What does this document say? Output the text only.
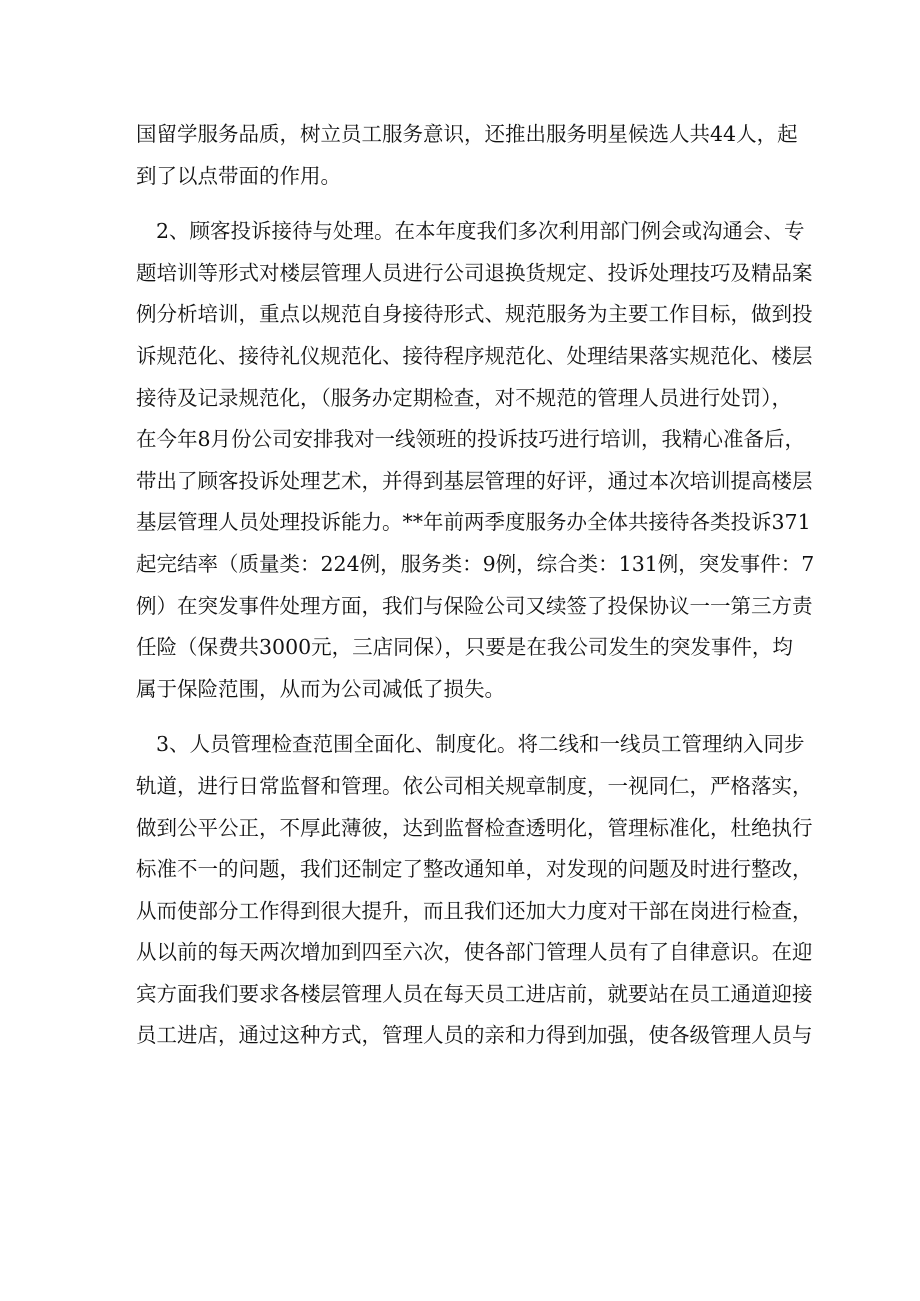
国留学服务品质，树立员工服务意识，还推出服务明星候选人共44人，起
到了以点带面的作用。
2、顾客投诉接待与处理。在本年度我们多次利用部门例会或沟通会、专
题培训等形式对楼层管理人员进行公司退换货规定、投诉处理技巧及精品案
例分析培训，重点以规范自身接待形式、规范服务为主要工作目标，做到投
诉规范化、接待礼仪规范化、接待程序规范化、处理结果落实规范化、楼层
接待及记录规范化，（服务办定期检查，对不规范的管理人员进行处罚），
在今年8月份公司安排我对一线领班的投诉技巧进行培训，我精心准备后，
带出了顾客投诉处理艺术，并得到基层管理的好评，通过本次培训提高楼层
基层管理人员处理投诉能力。**年前两季度服务办全体共接待各类投诉371
起完结率（质量类：224例，服务类：9例，综合类：131例，突发事件：7
例）在突发事件处理方面，我们与保险公司又续签了投保协议一一第三方责
任险（保费共3000元，三店同保），只要是在我公司发生的突发事件，均
属于保险范围，从而为公司减低了损失。
3、人员管理检查范围全面化、制度化。将二线和一线员工管理纳入同步
轨道，进行日常监督和管理。依公司相关规章制度，一视同仁，严格落实，
做到公平公正，不厚此薄彼，达到监督检查透明化，管理标准化，杜绝执行
标准不一的问题，我们还制定了整改通知单，对发现的问题及时进行整改，
从而使部分工作得到很大提升，而且我们还加大力度对干部在岗进行检查，
从以前的每天两次增加到四至六次，使各部门管理人员有了自律意识。在迎
宾方面我们要求各楼层管理人员在每天员工进店前，就要站在员工通道迎接
员工进店，通过这种方式，管理人员的亲和力得到加强，使各级管理人员与
